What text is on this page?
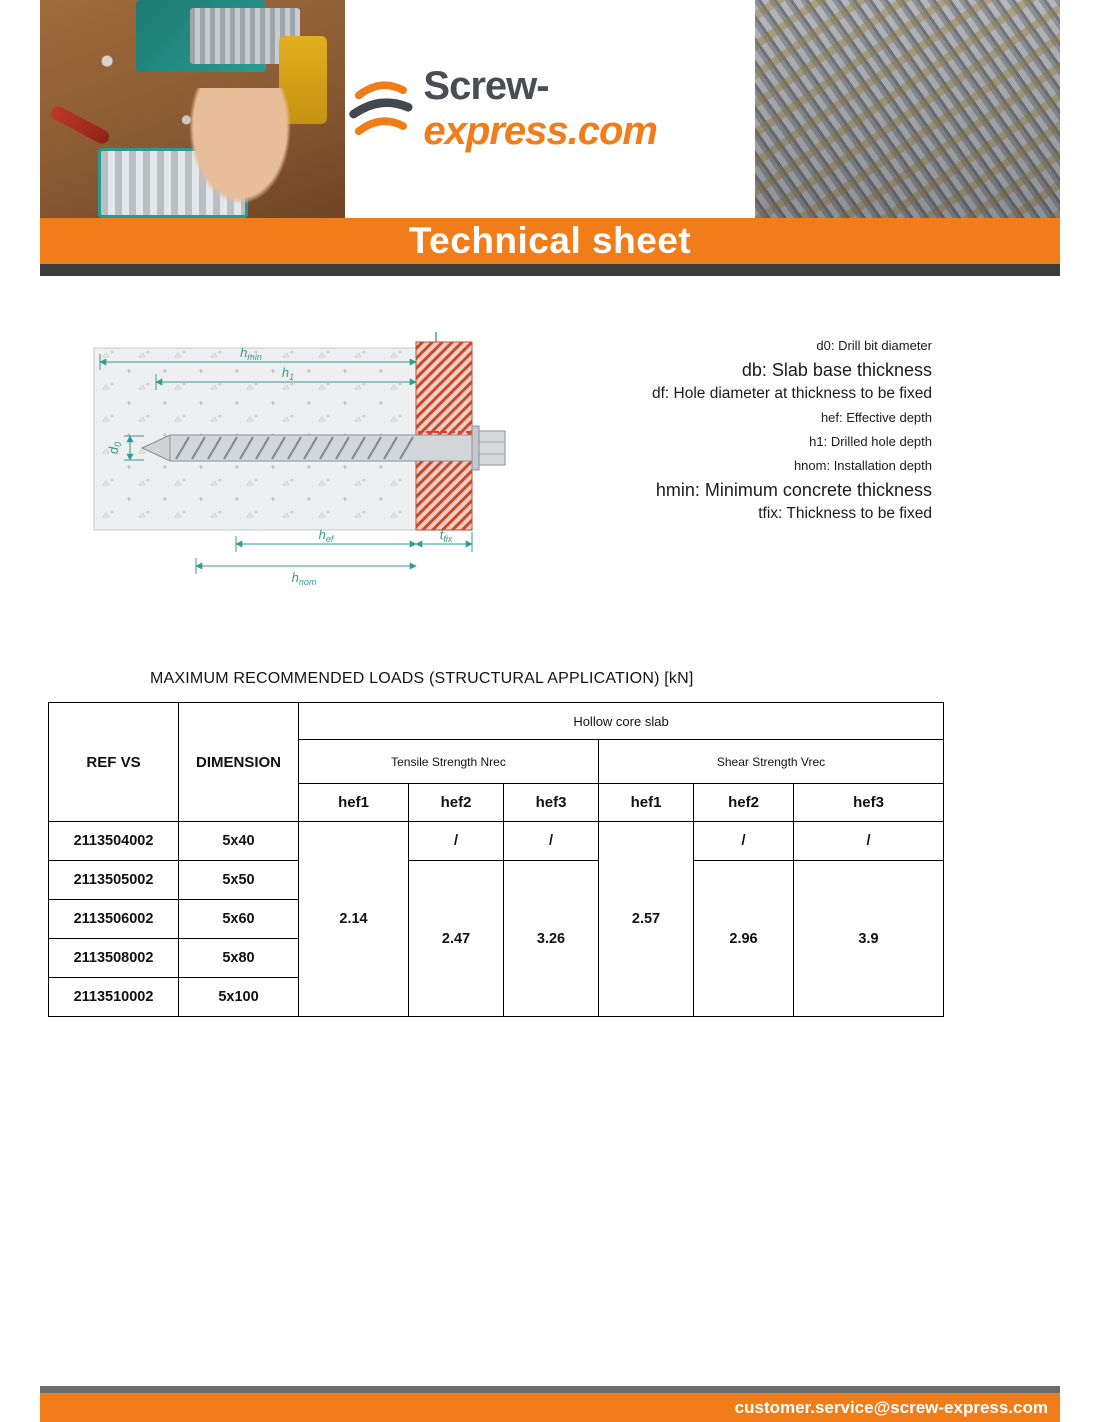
Screw-express.com
Technical sheet
$h_{min}$
$h_1$
$d_0$
$h_{ef}$	$t_{fix}$
$h_{nom}$
d0: Drill bit diameter
db: Slab base thickness
df: Hole diameter at thickness to be fixed
hef: Effective depth
h1: Drilled hole depth
hnom: Installation depth
hmin: Minimum concrete thickness
tfix: Thickness to be fixed
MAXIMUM RECOMMENDED LOADS (STRUCTURAL APPLICATION) [kN]
REF VS	DIMENSION	Hollow core slab					
		Tensile Strength Nrec			Shear Strength Vrec		
		hef1	hef2	hef3	hef1	hef2	hef3
2113504002	5x40	2.14	/	/	2.57	/	/
2113505002	5x50		2.47	3.26		2.96	3.9
2113506002	5x60						
2113508002	5x80						
2113510002	5x100						
customer.service@screw-express.com
